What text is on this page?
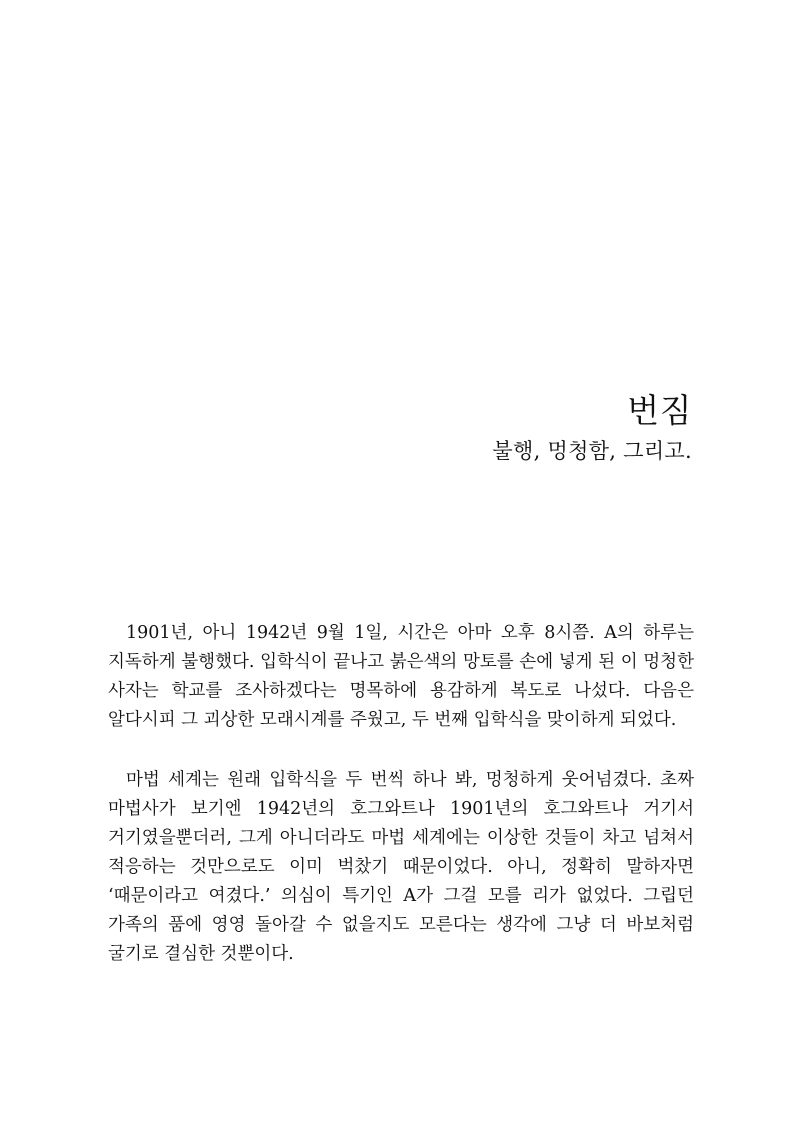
번짐
불행, 멍청함, 그리고.

1901년, 아니 1942년 9월 1일, 시간은 아마 오후 8시쯤. A의 하루는 지독하게 불행했다. 입학식이 끝나고 붉은색의 망토를 손에 넣게 된 이 멍청한 사자는 학교를 조사하겠다는 명목하에 용감하게 복도로 나섰다. 다음은 알다시피 그 괴상한 모래시계를 주웠고, 두 번째 입학식을 맞이하게 되었다.

마법 세계는 원래 입학식을 두 번씩 하나 봐, 멍청하게 웃어넘겼다. 초짜 마법사가 보기엔 1942년의 호그와트나 1901년의 호그와트나 거기서 거기였을뿐더러, 그게 아니더라도 마법 세계에는 이상한 것들이 차고 넘쳐서 적응하는 것만으로도 이미 벅찼기 때문이었다. 아니, 정확히 말하자면 ‘때문이라고 여겼다.’ 의심이 특기인 A가 그걸 모를 리가 없었다. 그립던 가족의 품에 영영 돌아갈 수 없을지도 모른다는 생각에 그냥 더 바보처럼 굴기로 결심한 것뿐이다.
